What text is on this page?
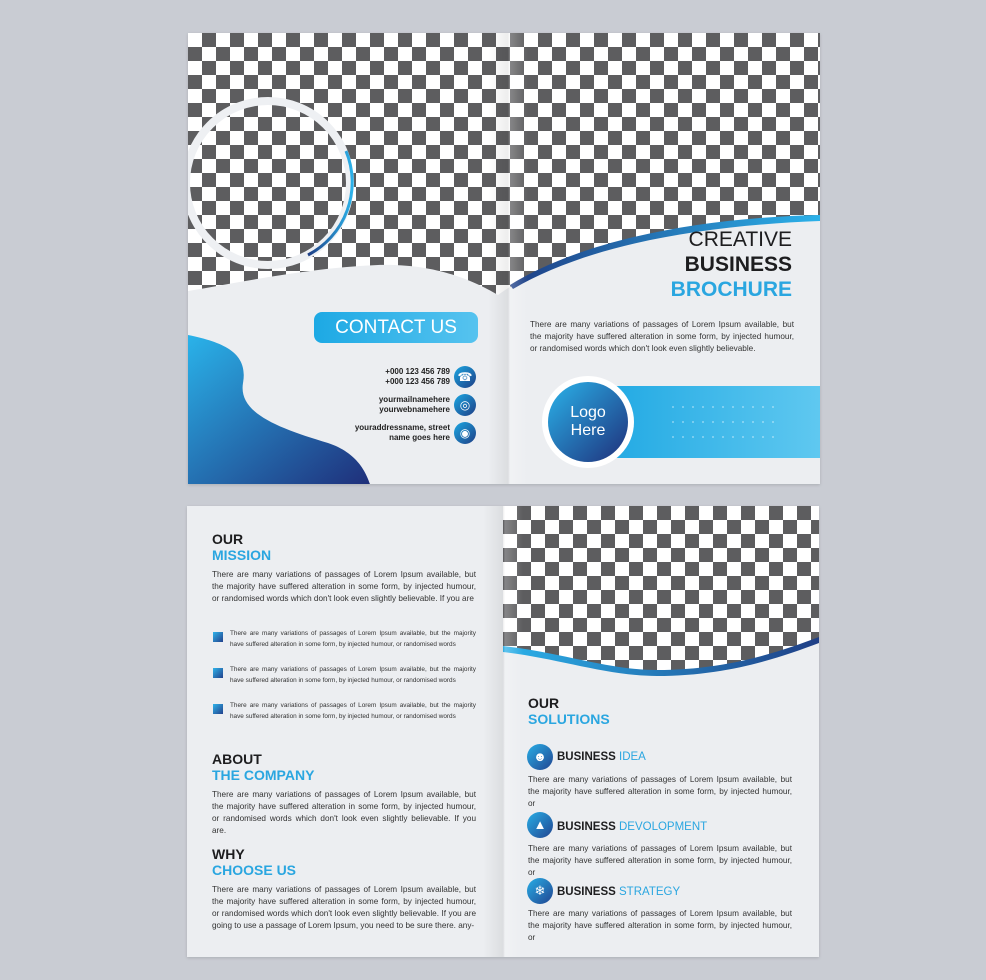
CREATIVE

BUSINESS

BROCHURE

There are many variations of passages of Lorem Ipsum available, but the majority have suffered alteration in some form, by injected humour, or randomised words which don't look even slightly believable.

CONTACT US
+000 123 456 789
+000 123 456 789 ☎
yourmailnamehere
yourwebnamehere ◎
youraddressname, street
name goes here ◉
Logo
Here
OUR
MISSION

There are many variations of passages of Lorem Ipsum available, but the majority have suffered alteration in some form, by injected humour, or randomised words which don't look even slightly believable. If you are

There are many variations of passages of Lorem Ipsum available, but the majority have suffered alteration in some form, by injected humour, or randomised words

There are many variations of passages of Lorem Ipsum available, but the majority have suffered alteration in some form, by injected humour, or randomised words

There are many variations of passages of Lorem Ipsum available, but the majority have suffered alteration in some form, by injected humour, or randomised words

ABOUT
THE COMPANY

There are many variations of passages of Lorem Ipsum available, but the majority have suffered alteration in some form, by injected humour, or randomised words which don't look even slightly believable. If you are.

WHY
CHOOSE US

There are many variations of passages of Lorem Ipsum available, but the majority have suffered alteration in some form, by injected humour, or randomised words which don't look even slightly believable. If you are going to use a passage of Lorem Ipsum, you need to be sure there. any-

OUR
SOLUTIONS
☻ BUSINESS IDEA

There are many variations of passages of Lorem Ipsum available, but the majority have suffered alteration in some form, by injected humour, or

▲ BUSINESS DEVOLOPMENT

There are many variations of passages of Lorem Ipsum available, but the majority have suffered alteration in some form, by injected humour, or

❄	BUSINESS STRATEGY

There are many variations of passages of Lorem Ipsum available, but the majority have suffered alteration in some form, by injected humour, or
